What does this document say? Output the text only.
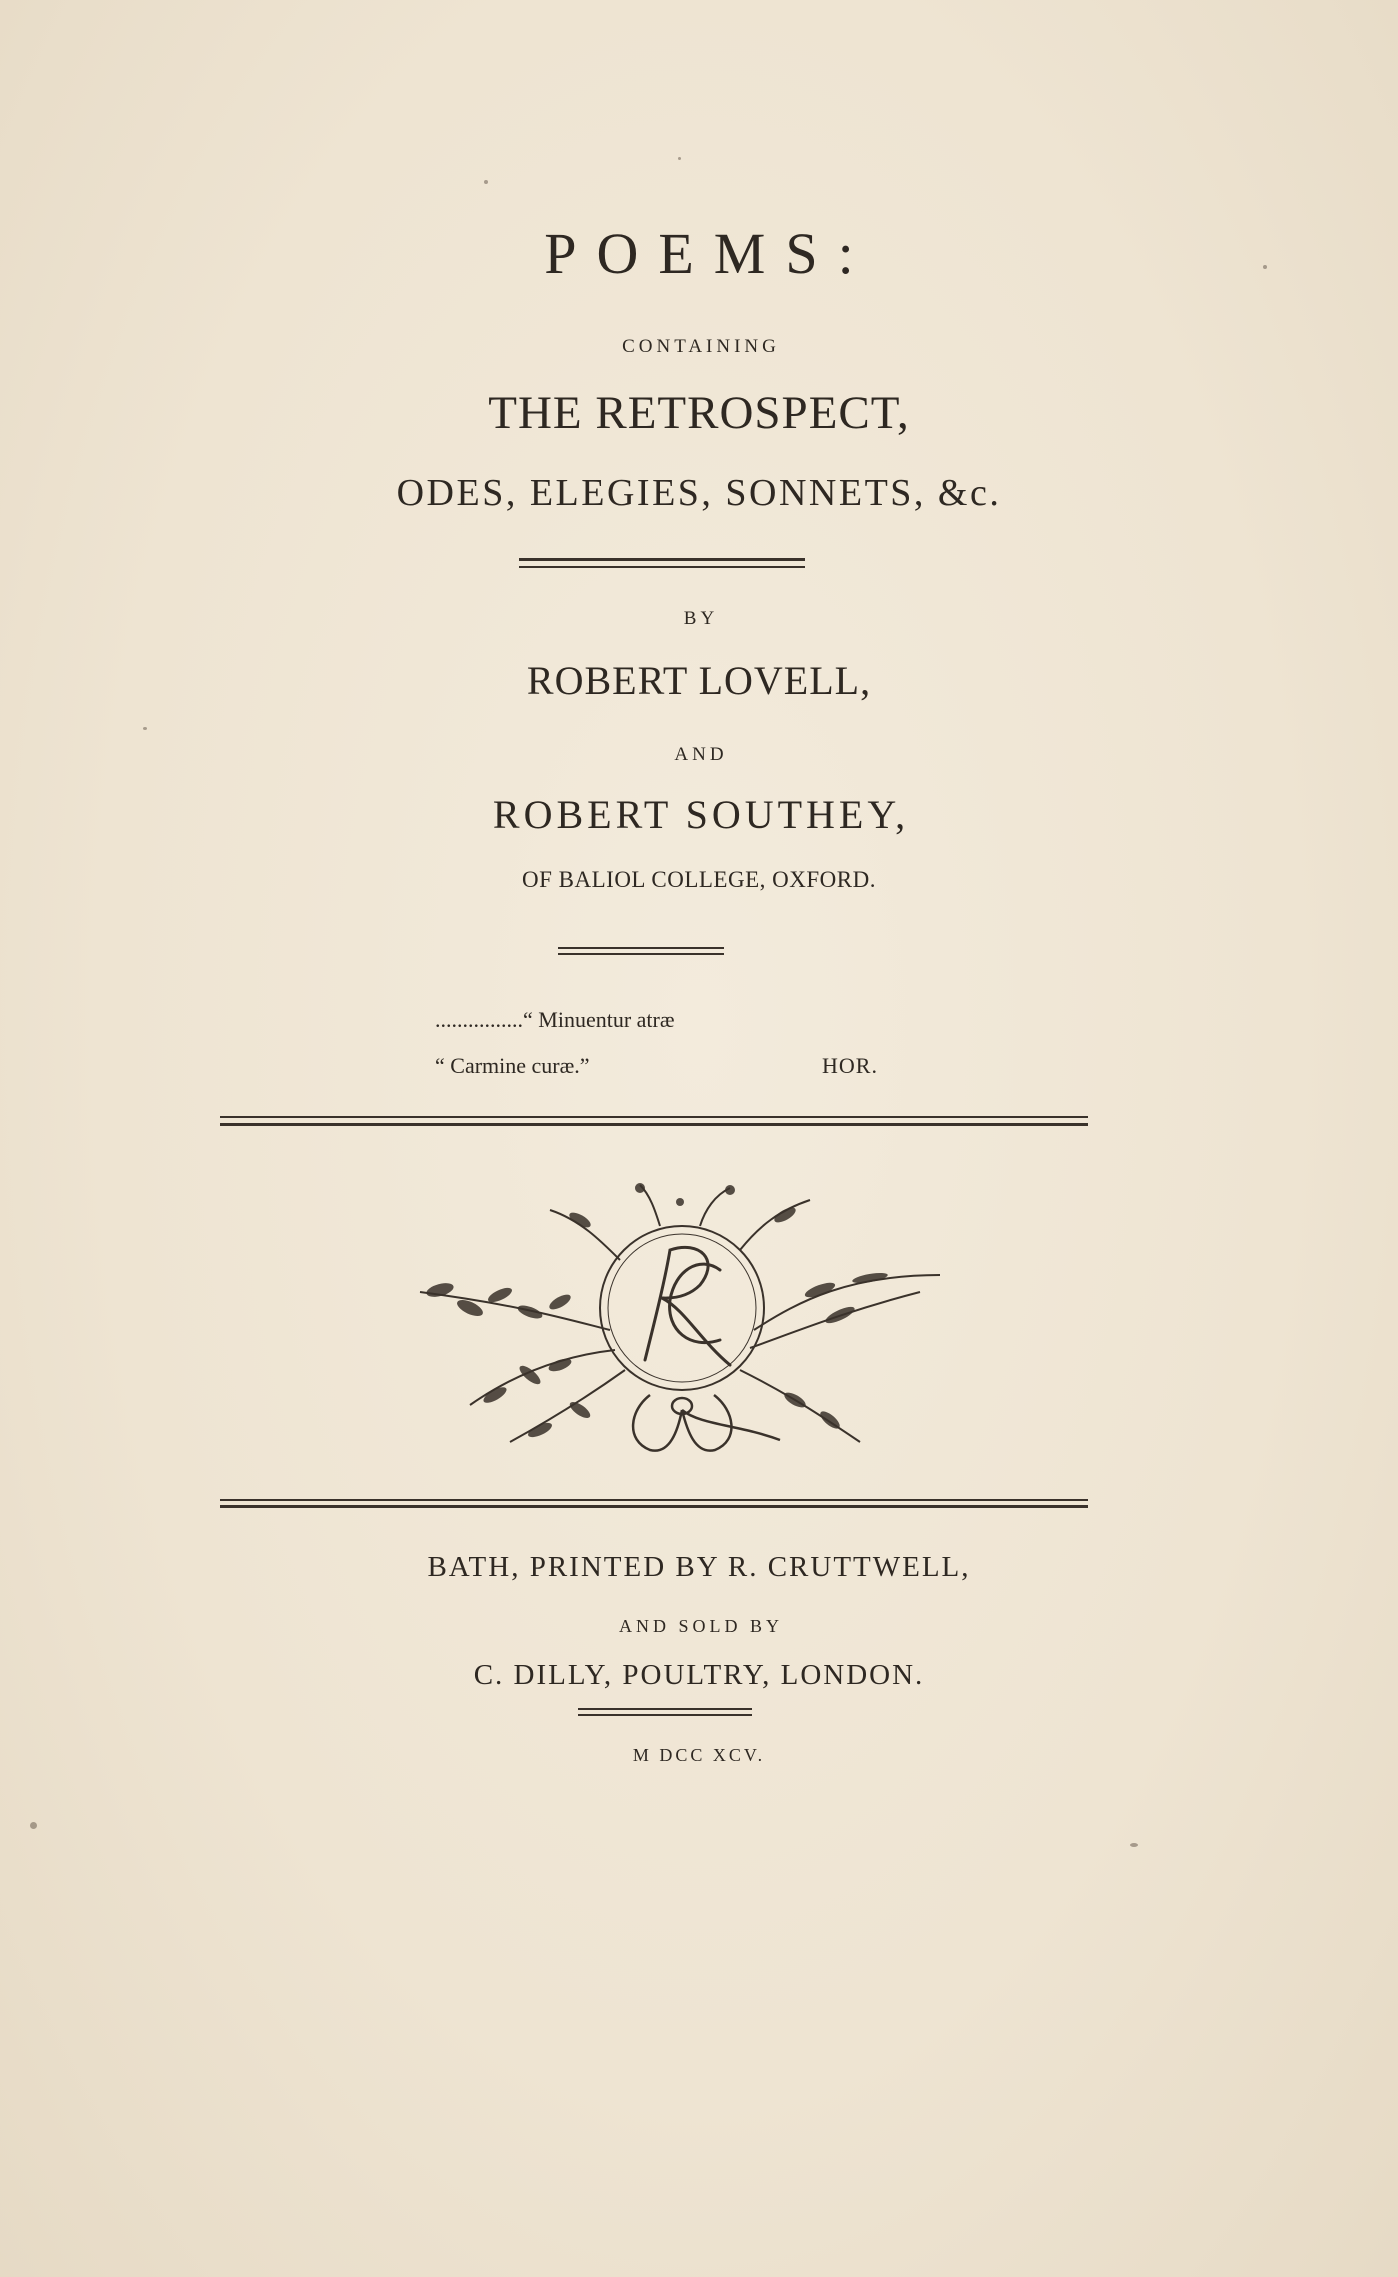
POEMS:

CONTAINING

THE RETROSPECT,

ODES, ELEGIES, SONNETS, &c.

BY

ROBERT LOVELL,

AND

ROBERT SOUTHEY,

OF BALIOL COLLEGE, OXFORD.

................“ Minuentur atræ
“ Carmine curæ.”	HOR.

BATH, PRINTED BY R. CRUTTWELL,

AND SOLD BY

C. DILLY, POULTRY, LONDON.

M DCC XCV.
